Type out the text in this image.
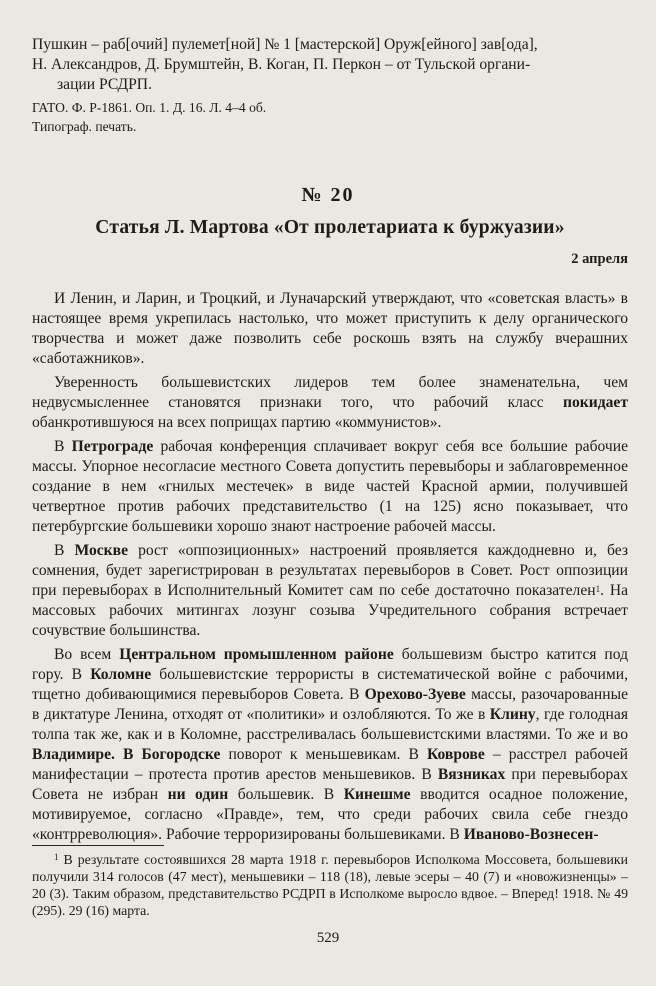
Пушкин – раб[очий] пулемет[ной] № 1 [мастерской] Оруж[ейного] зав[ода],
Н. Александров, Д. Брумштейн, В. Коган, П. Перкон – от Тульской органи-
зации РСДРП.

ГАТО. Ф. Р-1861. Оп. 1. Д. 16. Л. 4–4 об.

Типограф. печать.

№ 20
Статья Л. Мартова «От пролетариата к буржуазии»
2 апреля

И Ленин, и Ларин, и Троцкий, и Луначарский утверждают, что «советская власть» в настоящее время укрепилась настолько, что может приступить к делу органического творчества и может даже позволить себе роскошь взять на службу вчерашних «саботажников».

Уверенность большевистских лидеров тем более знаменательна, чем недвусмысленнее становятся признаки того, что рабочий класс покидает обанкротившуюся на всех поприщах партию «коммунистов».

В Петрограде рабочая конференция сплачивает вокруг себя все большие рабочие массы. Упорное несогласие местного Совета допустить перевыборы и заблаговременное создание в нем «гнилых местечек» в виде частей Красной армии, получившей четвертное против рабочих представительство (1 на 125) ясно показывает, что петербургские большевики хорошо знают настроение рабочей массы.

В Москве рост «оппозиционных» настроений проявляется каждодневно и, без сомнения, будет зарегистрирован в результатах перевыборов в Совет. Рост оппозиции при перевыборах в Исполнительный Комитет сам по себе достаточно показателен$^1$. На массовых рабочих митингах лозунг созыва Учредительного собрания встречает сочувствие большинства.

Во всем Центральном промышленном районе большевизм быстро катится под гору. В Коломне большевистские террористы в систематической войне с рабочими, тщетно добивающимися перевыборов Совета. В Орехово-Зуеве массы, разочарованные в диктатуре Ленина, отходят от «политики» и озлобляются. То же в Клину, где голодная толпа так же, как и в Коломне, расстреливалась большевистскими властями. То же и во Владимире. В Богородске поворот к меньшевикам. В Коврове – расстрел рабочей манифестации – протеста против арестов меньшевиков. В Вязниках при перевыборах Совета не избран ни один большевик. В Кинешме вводится осадное положение, мотивируемое, согласно «Правде», тем, что среди рабочих свила себе гнездо «контрреволюция». Рабочие терроризированы большевиками. В Иваново-Вознесен-

$^1$ В результате состоявшихся 28 марта 1918 г. перевыборов Исполкома Моссовета, большевики получили 314 голосов (47 мест), меньшевики – 118 (18), левые эсеры – 40 (7) и «новожизненцы» – 20 (3). Таким образом, представительство РСДРП в Исполкоме выросло вдвое. – Вперед! 1918. № 49 (295). 29 (16) марта.
529
